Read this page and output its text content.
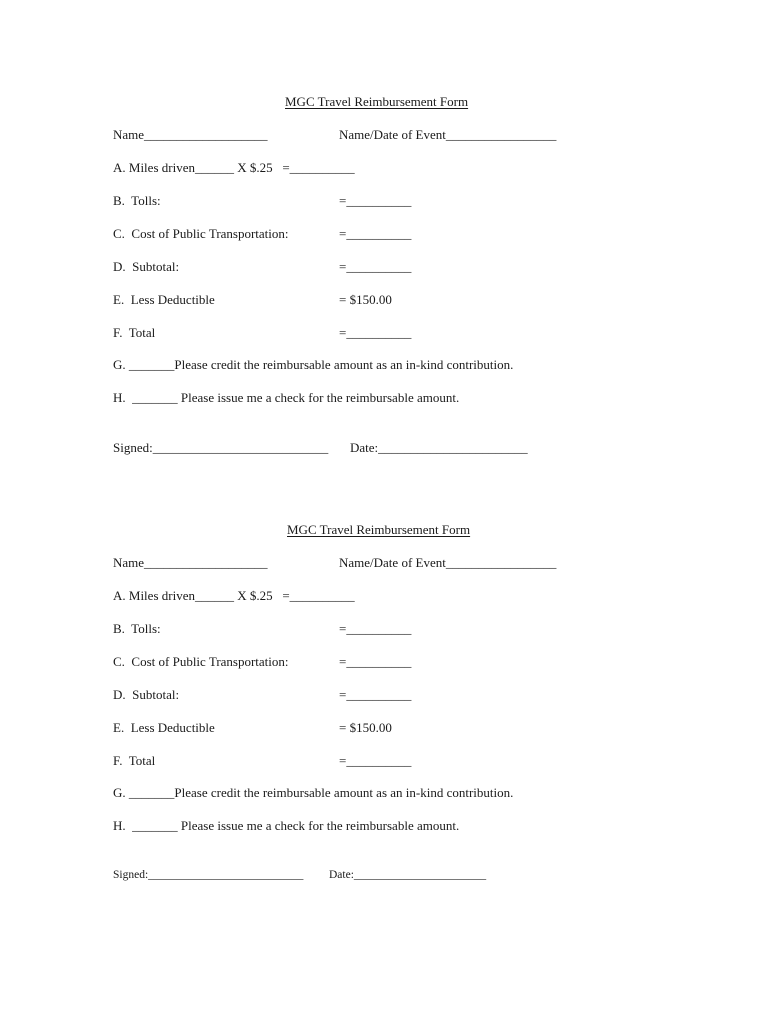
MGC Travel Reimbursement Form
Name___________________	Name/Date of Event_________________
A. Miles driven______ X $.25   =__________
B.  Tolls:	=__________
C.  Cost of Public Transportation:	=__________
D.  Subtotal:	=__________
E.  Less Deductible	= $150.00
F.  Total	=__________
G. _______Please credit the reimbursable amount as an in-kind contribution.
H.  _______ Please issue me a check for the reimbursable amount.
Signed:___________________________ Date:_______________________
MGC Travel Reimbursement Form
Name___________________	Name/Date of Event_________________
A. Miles driven______ X $.25   =__________
B.  Tolls:	=__________
C.  Cost of Public Transportation:	=__________
D.  Subtotal:	=__________
E.  Less Deductible	= $150.00
F.  Total	=__________
G. _______Please credit the reimbursable amount as an in-kind contribution.
H.  _______ Please issue me a check for the reimbursable amount.
Signed:___________________________ Date:_______________________
